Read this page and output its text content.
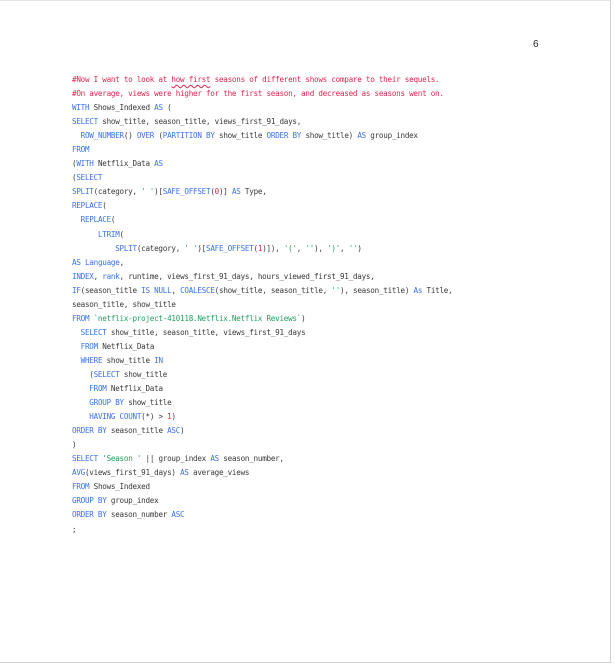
6
#Now I want to look at how first seasons of different shows compare to their sequels.
#On average, views were higher for the first season, and decreased as seasons went on.
WITH Shows_Indexed AS (
SELECT show_title, season_title, views_first_91_days,
ROW_NUMBER() OVER (PARTITION BY show_title ORDER BY show_title) AS group_index
FROM
(WITH Netflix_Data AS
(SELECT
SPLIT(category, ' ')[SAFE_OFFSET(0)] AS Type,
REPLACE(
REPLACE(
LTRIM(
SPLIT(category, ' ')[SAFE_OFFSET(1)]), '(', ''), ')', '')
AS Language,
INDEX, rank, runtime, views_first_91_days, hours_viewed_first_91_days,
IF(season_title IS NULL, COALESCE(show_title, season_title, ''), season_title) As Title,
season_title, show_title
FROM `netflix-project-410118.Netflix.Netflix Reviews`)
SELECT show_title, season_title, views_first_91_days
FROM Netflix_Data
WHERE show_title IN
(SELECT show_title
FROM Netflix_Data
GROUP BY show_title
HAVING COUNT(*) > 1)
ORDER BY season_title ASC)
)
SELECT 'Season ' || group_index AS season_number,
AVG(views_first_91_days) AS average_views
FROM Shows_Indexed
GROUP BY group_index
ORDER BY season_number ASC
;
